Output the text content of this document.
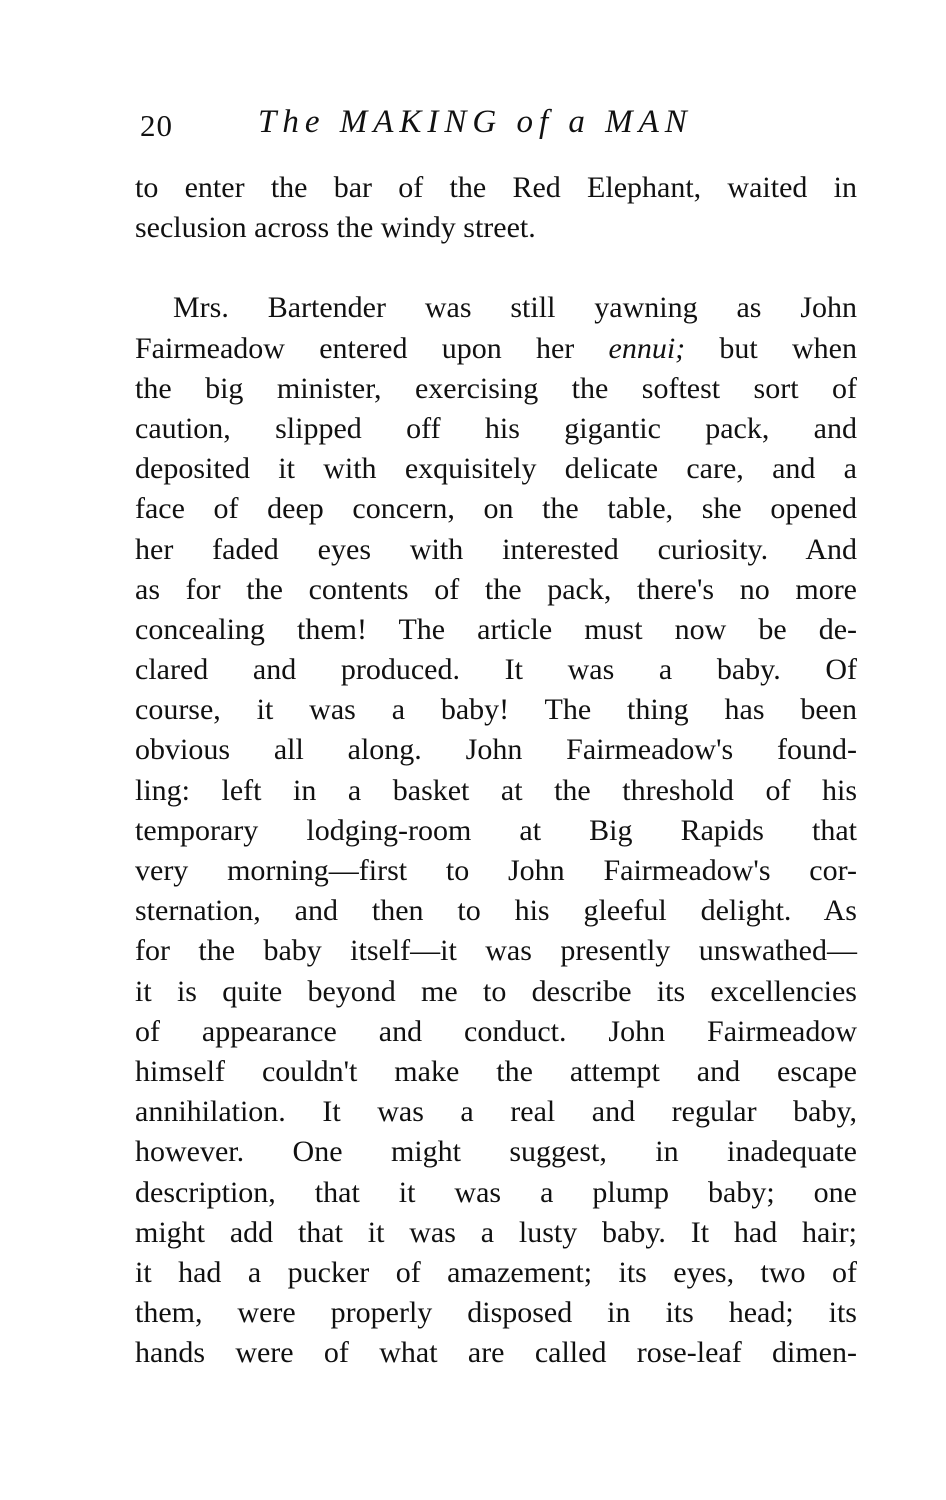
20	The MAKING of a MAN
to enter the bar of the Red Elephant, waited in
seclusion across the windy street.
Mrs. Bartender was still yawning as John
Fairmeadow entered upon her ennui; but when
the big minister, exercising the softest sort of
caution, slipped off his gigantic pack, and
deposited it with exquisitely delicate care, and a
face of deep concern, on the table, she opened
her faded eyes with interested curiosity. And
as for the contents of the pack, there's no more
concealing them! The article must now be de-
clared and produced. It was a baby. Of
course, it was a baby! The thing has been
obvious all along. John Fairmeadow's found-
ling: left in a basket at the threshold of his
temporary lodging-room at Big Rapids that
very morning—first to John Fairmeadow's cor-
sternation, and then to his gleeful delight. As
for the baby itself—it was presently unswathed—
it is quite beyond me to describe its excellencies
of appearance and conduct. John Fairmeadow
himself couldn't make the attempt and escape
annihilation. It was a real and regular baby,
however. One might suggest, in inadequate
description, that it was a plump baby; one
might add that it was a lusty baby. It had hair;
it had a pucker of amazement; its eyes, two of
them, were properly disposed in its head; its
hands were of what are called rose-leaf dimen-
